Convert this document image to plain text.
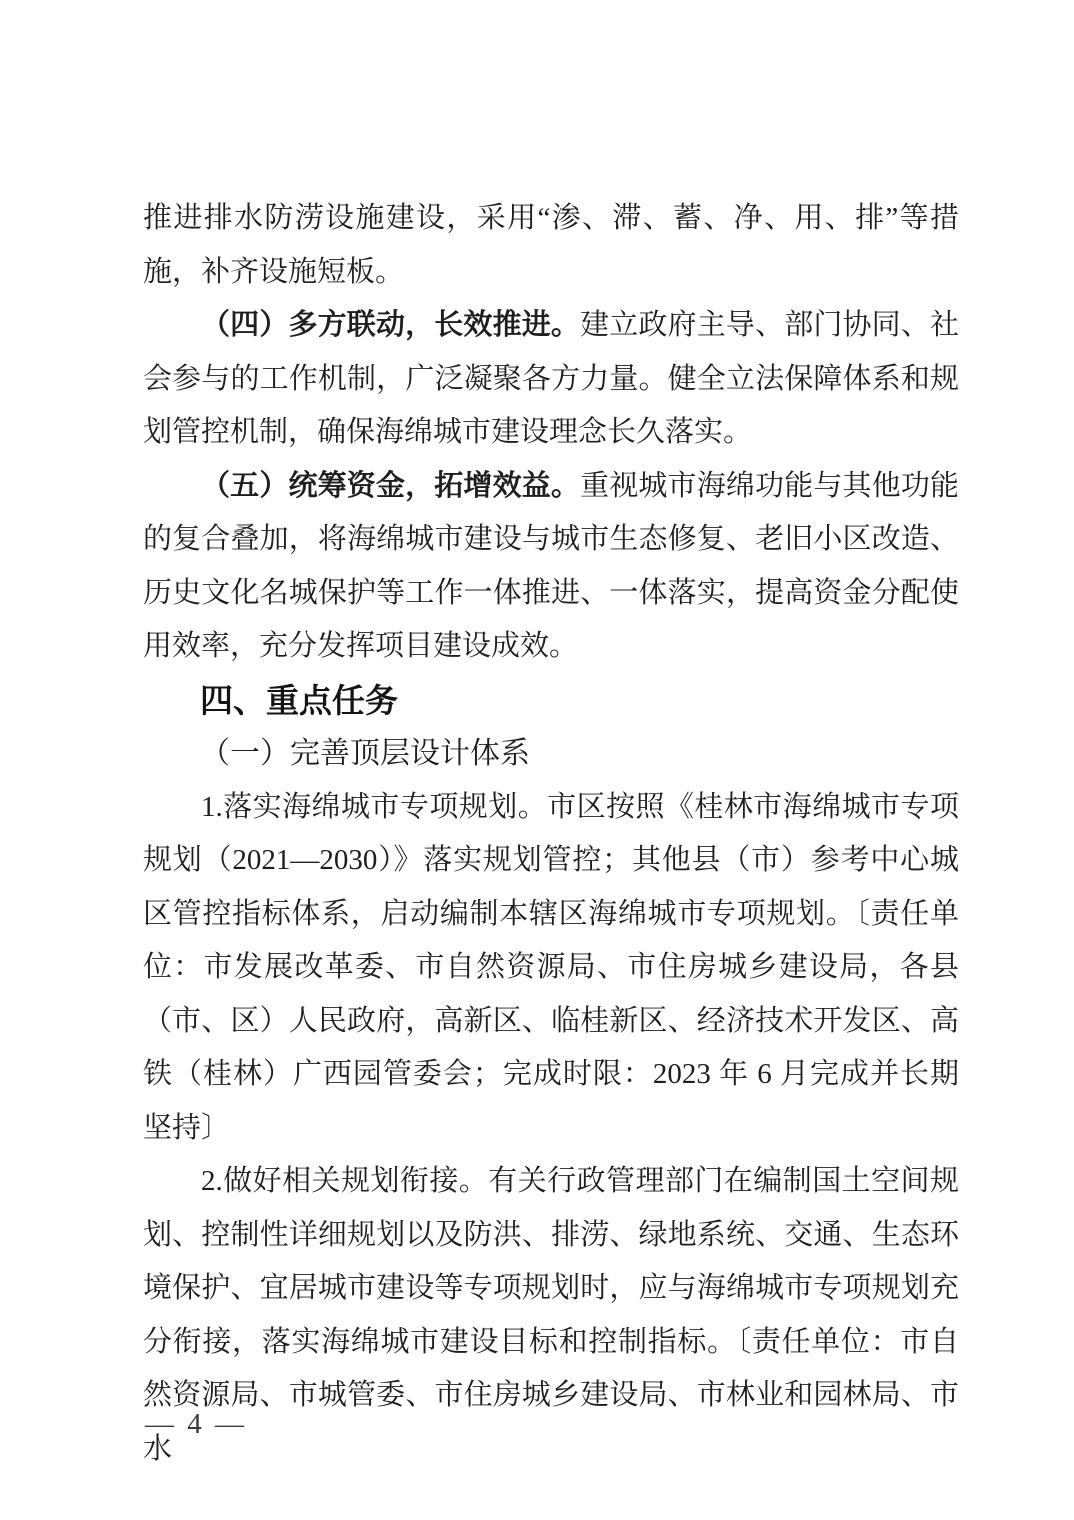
推进排水防涝设施建设，采用“渗、滞、蓄、净、用、排”等措施，补齐设施短板。

（四）多方联动，长效推进。建立政府主导、部门协同、社会参与的工作机制，广泛凝聚各方力量。健全立法保障体系和规划管控机制，确保海绵城市建设理念长久落实。

（五）统筹资金，拓增效益。重视城市海绵功能与其他功能的复合叠加，将海绵城市建设与城市生态修复、老旧小区改造、历史文化名城保护等工作一体推进、一体落实，提高资金分配使用效率，充分发挥项目建设成效。

四、重点任务
（一）完善顶层设计体系

1.落实海绵城市专项规划。市区按照《桂林市海绵城市专项规划（2021—2030）》落实规划管控；其他县（市）参考中心城区管控指标体系，启动编制本辖区海绵城市专项规划。〔责任单位：市发展改革委、市自然资源局、市住房城乡建设局，各县（市、区）人民政府，高新区、临桂新区、经济技术开发区、高铁（桂林）广西园管委会；完成时限：2023 年 6 月完成并长期坚持〕

2.做好相关规划衔接。有关行政管理部门在编制国土空间规划、控制性详细规划以及防洪、排涝、绿地系统、交通、生态环境保护、宜居城市建设等专项规划时，应与海绵城市专项规划充分衔接，落实海绵城市建设目标和控制指标。〔责任单位：市自然资源局、市城管委、市住房城乡建设局、市林业和园林局、市水

— 4 —
